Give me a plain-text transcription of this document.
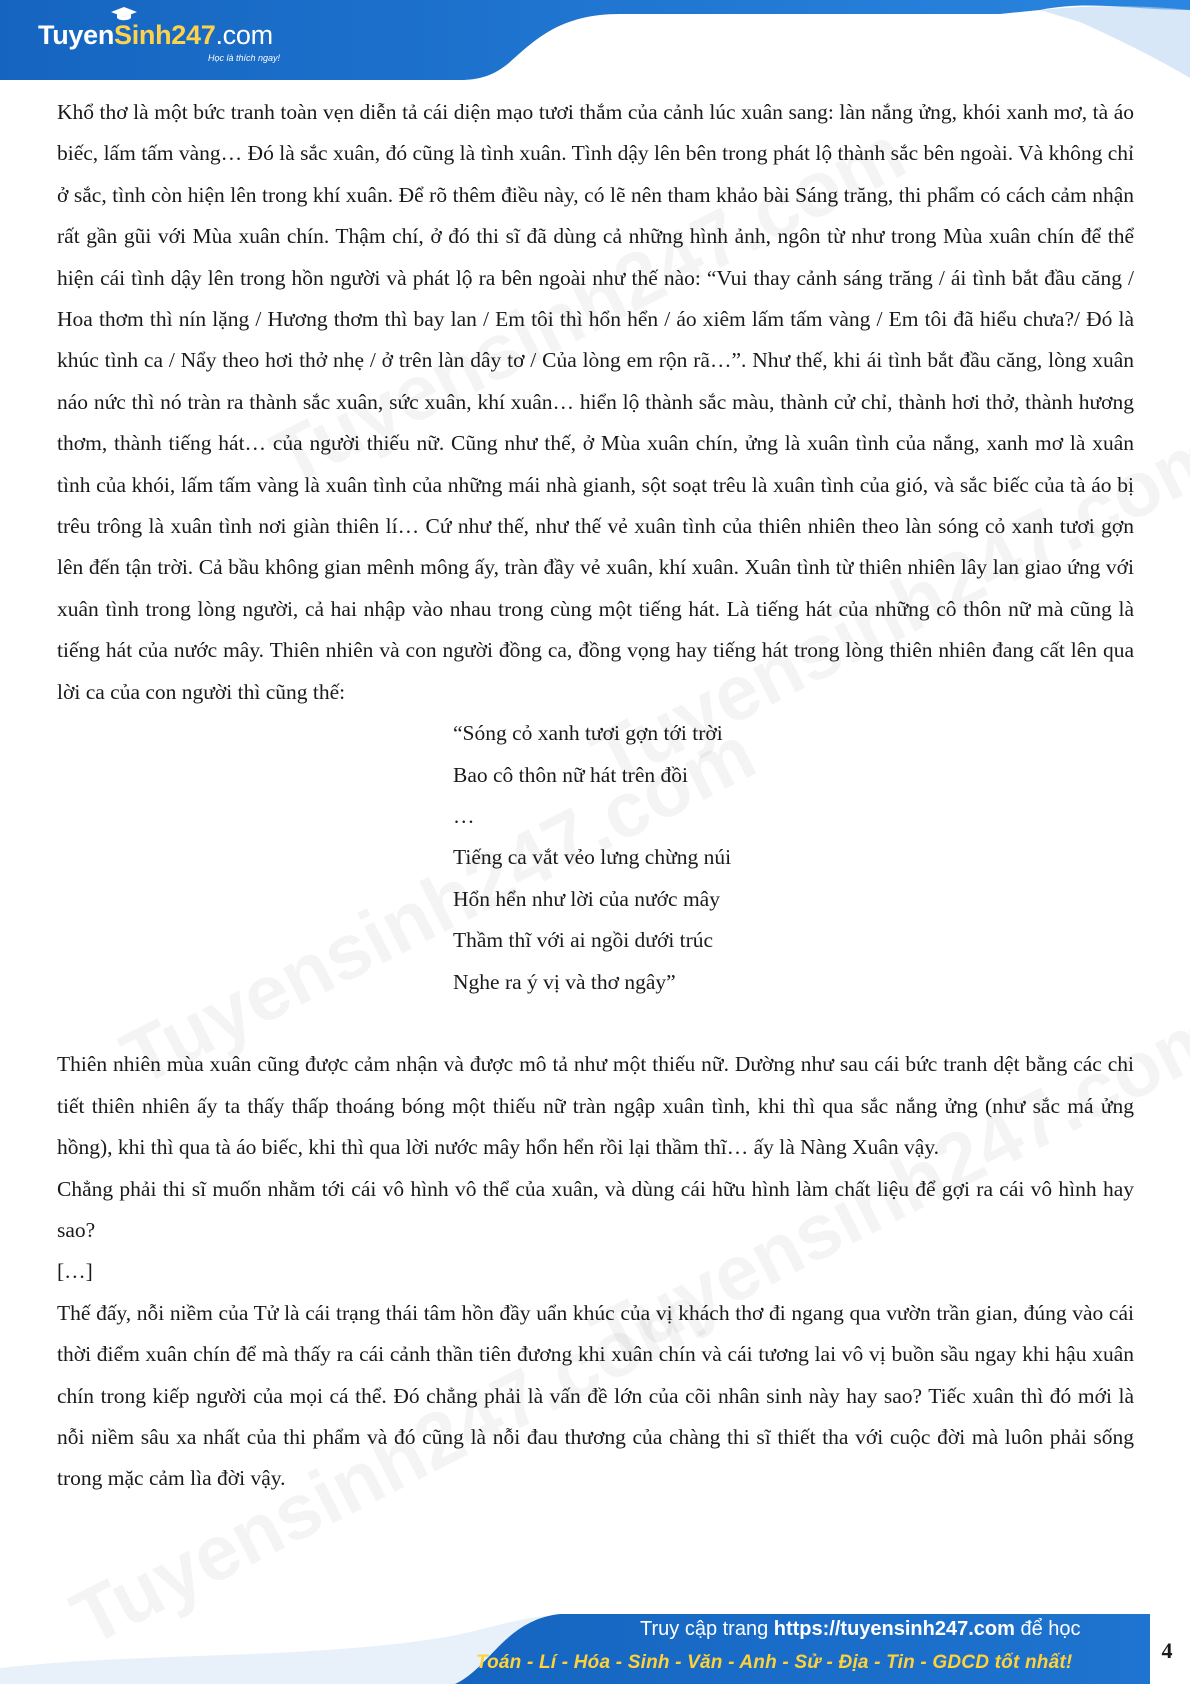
TuyenSinh247.com
Học là thích ngay!

Khổ thơ là một bức tranh toàn vẹn diễn tả cái diện mạo tươi thắm của cảnh lúc xuân sang: làn nắng ửng, khói xanh mơ, tà áo biếc, lấm tấm vàng… Đó là sắc xuân, đó cũng là tình xuân. Tình dậy lên bên trong phát lộ thành sắc bên ngoài. Và không chỉ ở sắc, tình còn hiện lên trong khí xuân. Để rõ thêm điều này, có lẽ nên tham khảo bài Sáng trăng, thi phẩm có cách cảm nhận rất gần gũi với Mùa xuân chín. Thậm chí, ở đó thi sĩ đã dùng cả những hình ảnh, ngôn từ như trong Mùa xuân chín để thể hiện cái tình dậy lên trong hồn người và phát lộ ra bên ngoài như thế nào: “Vui thay cảnh sáng trăng / ái tình bắt đầu căng / Hoa thơm thì nín lặng / Hương thơm thì bay lan / Em tôi thì hổn hển / áo xiêm lấm tấm vàng / Em tôi đã hiểu chưa?/ Đó là khúc tình ca / Nẩy theo hơi thở nhẹ / ở trên làn dây tơ / Của lòng em rộn rã…”. Như thế, khi ái tình bắt đầu căng, lòng xuân náo nức thì nó tràn ra thành sắc xuân, sức xuân, khí xuân… hiển lộ thành sắc màu, thành cử chỉ, thành hơi thở, thành hương thơm, thành tiếng hát… của người thiếu nữ. Cũng như thế, ở Mùa xuân chín, ửng là xuân tình của nắng, xanh mơ là xuân tình của khói, lấm tấm vàng là xuân tình của những mái nhà gianh, sột soạt trêu là xuân tình của gió, và sắc biếc của tà áo bị trêu trông là xuân tình nơi giàn thiên lí… Cứ như thế, như thế vẻ xuân tình của thiên nhiên theo làn sóng cỏ xanh tươi gợn lên đến tận trời. Cả bầu không gian mênh mông ấy, tràn đầy vẻ xuân, khí xuân. Xuân tình từ thiên nhiên lây lan giao ứng với xuân tình trong lòng người, cả hai nhập vào nhau trong cùng một tiếng hát. Là tiếng hát của những cô thôn nữ mà cũng là tiếng hát của nước mây. Thiên nhiên và con người đồng ca, đồng vọng hay tiếng hát trong lòng thiên nhiên đang cất lên qua lời ca của con người thì cũng thế:

“Sóng cỏ xanh tươi gợn tới trời
Bao cô thôn nữ hát trên đồi
…
Tiếng ca vắt vẻo lưng chừng núi
Hổn hển như lời của nước mây
Thầm thĩ với ai ngồi dưới trúc
Nghe ra ý vị và thơ ngây”

Thiên nhiên mùa xuân cũng được cảm nhận và được mô tả như một thiếu nữ. Dường như sau cái bức tranh dệt bằng các chi tiết thiên nhiên ấy ta thấy thấp thoáng bóng một thiếu nữ tràn ngập xuân tình, khi thì qua sắc nắng ửng (như sắc má ửng hồng), khi thì qua tà áo biếc, khi thì qua lời nước mây hổn hển rồi lại thầm thĩ… ấy là Nàng Xuân vậy.

Chẳng phải thi sĩ muốn nhằm tới cái vô hình vô thể của xuân, và dùng cái hữu hình làm chất liệu để gợi ra cái vô hình hay sao?

[…]

Thế đấy, nỗi niềm của Tử là cái trạng thái tâm hồn đầy uẩn khúc của vị khách thơ đi ngang qua vườn trần gian, đúng vào cái thời điểm xuân chín để mà thấy ra cái cảnh thần tiên đương khi xuân chín và cái tương lai vô vị buồn sầu ngay khi hậu xuân chín trong kiếp người của mọi cá thể. Đó chẳng phải là vấn đề lớn của cõi nhân sinh này hay sao? Tiếc xuân thì đó mới là nỗi niềm sâu xa nhất của thi phẩm và đó cũng là nỗi đau thương của chàng thi sĩ thiết tha với cuộc đời mà luôn phải sống trong mặc cảm lìa đời vậy.

Truy cập trang https://tuyensinh247.com để học
Toán - Lí - Hóa - Sinh - Văn - Anh - Sử - Địa - Tin - GDCD tốt nhất!	4
